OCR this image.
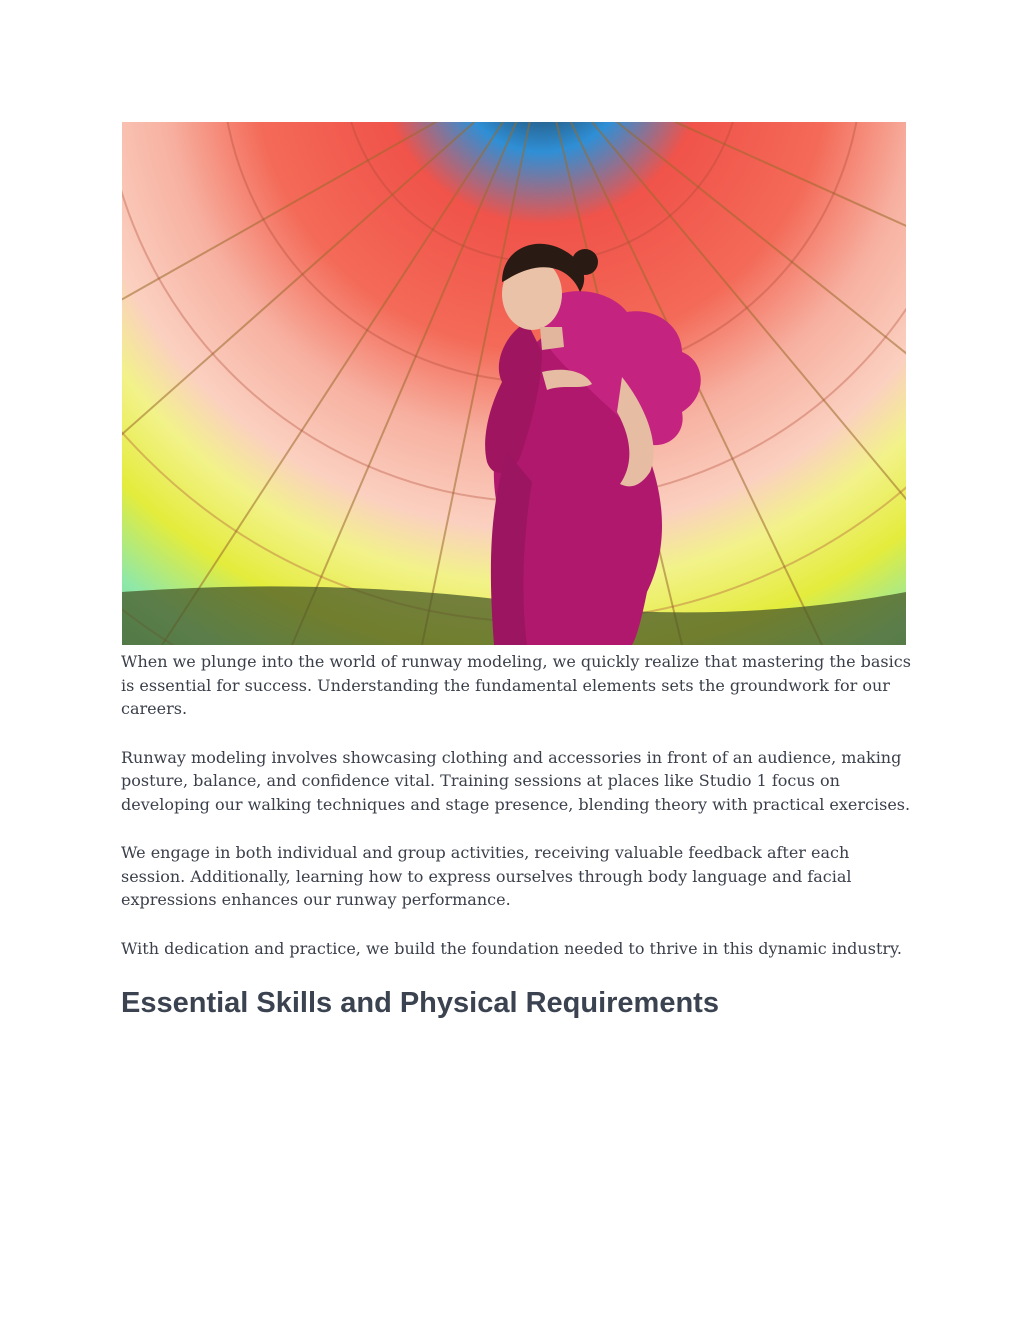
When we plunge into the world of runway modeling, we quickly realize that mastering the basics is essential for success. Understanding the fundamental elements sets the groundwork for our careers.

Runway modeling involves showcasing clothing and accessories in front of an audience, making posture, balance, and confidence vital. Training sessions at places like Studio 1 focus on developing our walking techniques and stage presence, blending theory with practical exercises.

We engage in both individual and group activities, receiving valuable feedback after each session. Additionally, learning how to express ourselves through body language and facial expressions enhances our runway performance.

With dedication and practice, we build the foundation needed to thrive in this dynamic industry.

Essential Skills and Physical Requirements
